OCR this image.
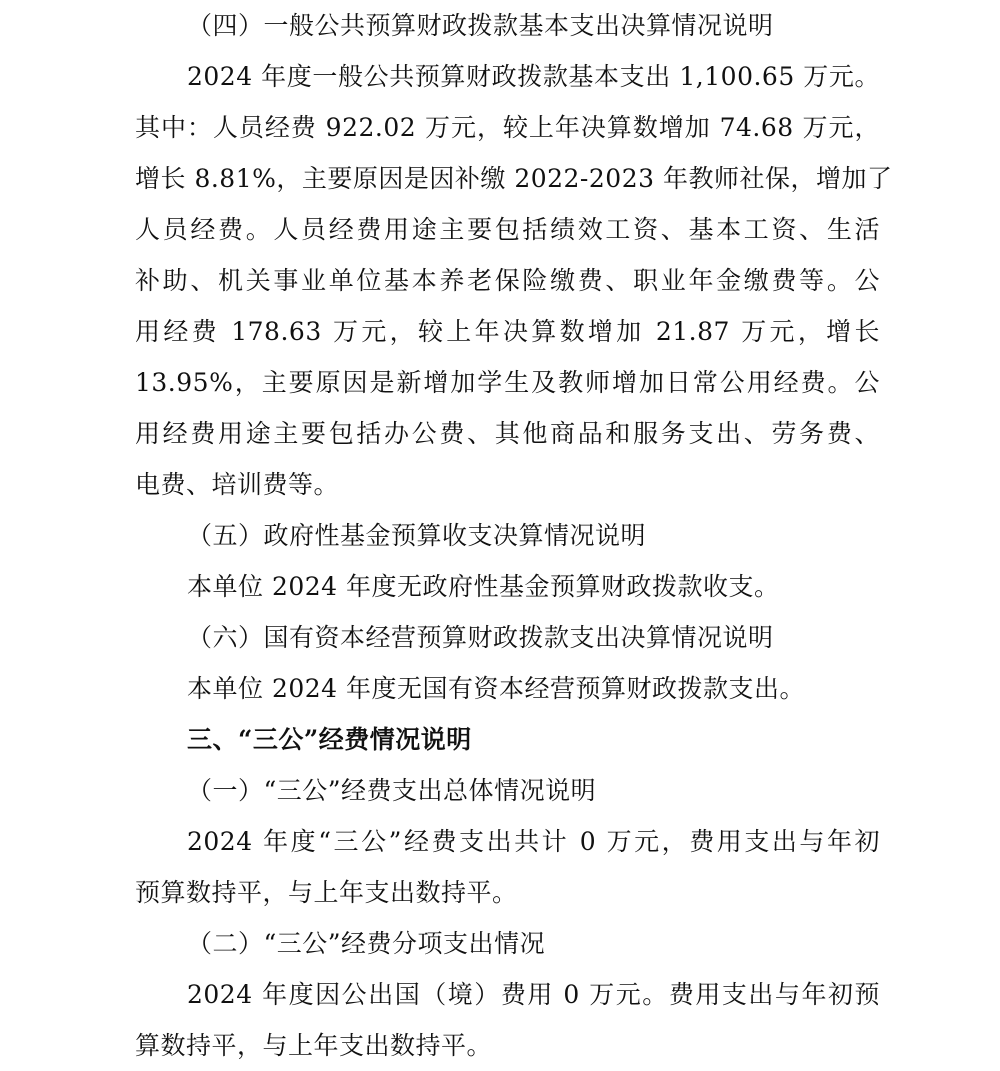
（四）一般公共预算财政拨款基本支出决算情况说明
2024 年度一般公共预算财政拨款基本支出 1,100.65 万元。
其中：人员经费 922.02 万元，较上年决算数增加 74.68 万元，
增长 8.81%，主要原因是因补缴 2022-2023 年教师社保，增加了
人员经费。人员经费用途主要包括绩效工资、基本工资、生活
补助、机关事业单位基本养老保险缴费、职业年金缴费等。公
用经费 178.63 万元，较上年决算数增加 21.87 万元，增长
13.95%，主要原因是新增加学生及教师增加日常公用经费。公
用经费用途主要包括办公费、其他商品和服务支出、劳务费、
电费、培训费等。
（五）政府性基金预算收支决算情况说明
本单位 2024 年度无政府性基金预算财政拨款收支。
（六）国有资本经营预算财政拨款支出决算情况说明
本单位 2024 年度无国有资本经营预算财政拨款支出。
三、“三公”经费情况说明
（一）“三公”经费支出总体情况说明
2024 年度“三公”经费支出共计 0 万元，费用支出与年初
预算数持平，与上年支出数持平。
（二）“三公”经费分项支出情况
2024 年度因公出国（境）费用 0 万元。费用支出与年初预
算数持平，与上年支出数持平。
